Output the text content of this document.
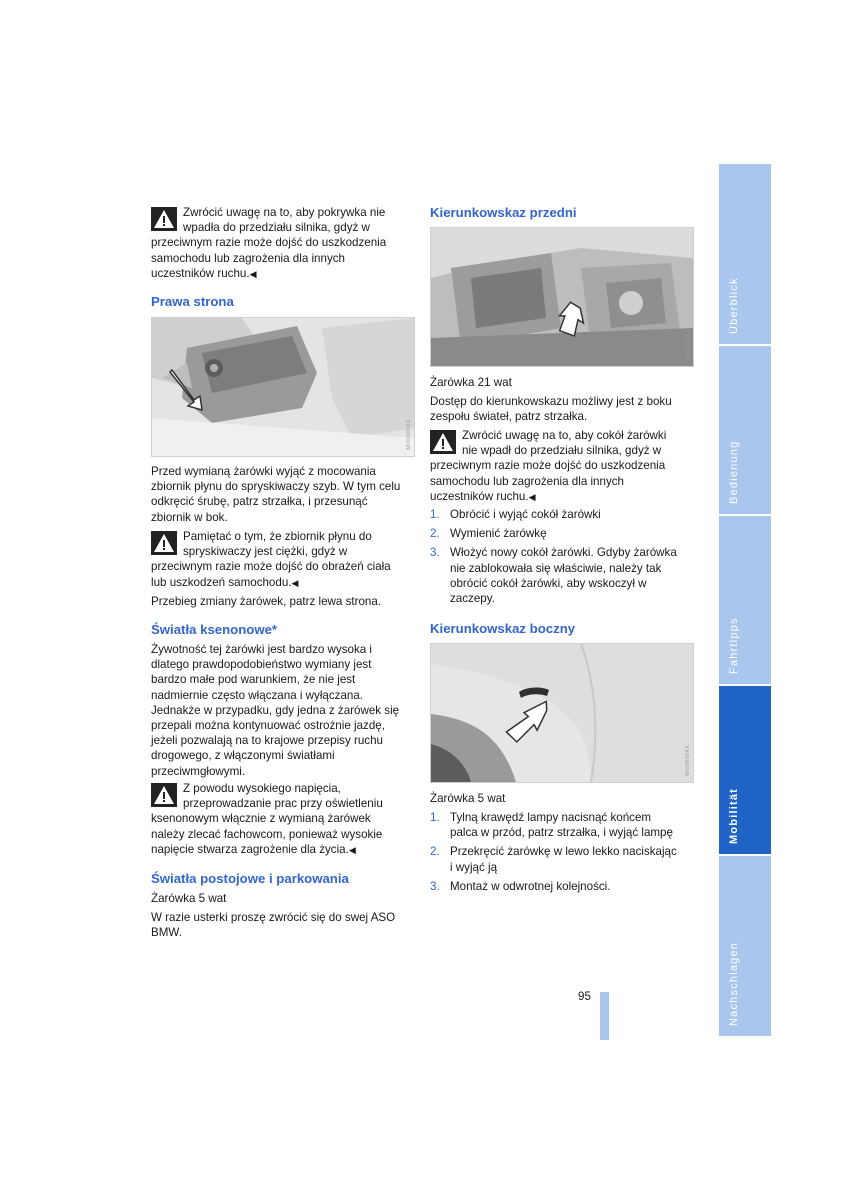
Zwrócić uwagę na to, aby pokrywka nie
wpadła do przedziału silnika, gdyż w
przeciwnym razie może dojść do uszkodzenia
samochodu lub zagrożenia dla innych
uczestników ruchu.◀
Prawa strona
MI00600XX

Przed wymianą żarówki wyjąć z mocowania
zbiornik płynu do spryskiwaczy szyb. W tym celu
odkręcić śrubę, patrz strzałka, i przesunąć
zbiornik w bok.

Pamiętać o tym, że zbiornik płynu do
spryskiwaczy jest ciężki, gdyż w
przeciwnym razie może dojść do obrażeń ciała
lub uszkodzeń samochodu.◀

Przebieg zmiany żarówek, patrz lewa strona.

Światła ksenonowe*

Żywotność tej żarówki jest bardzo wysoka i
dlatego prawdopodobieństwo wymiany jest
bardzo małe pod warunkiem, że nie jest
nadmiernie często włączana i wyłączana.
Jednakże w przypadku, gdy jedna z żarówek się
przepali można kontynuować ostrożnie jazdę,
jeżeli pozwalają na to krajowe przepisy ruchu
drogowego, z włączonymi światłami
przeciwmgłowymi.

Z powodu wysokiego napięcia,
przeprowadzanie prac przy oświetleniu
ksenonowym włącznie z wymianą żarówek
należy zlecać fachowcom, ponieważ wysokie
napięcie stwarza zagrożenie dla życia.◀
Światła postojowe i parkowania

Żarówka 5 wat

W razie usterki proszę zwrócić się do swej ASO
BMW.

Kierunkowskaz przedni
MI00600XX

Żarówka 21 wat

Dostęp do kierunkowskazu możliwy jest z boku
zespołu świateł, patrz strzałka.

Zwrócić uwagę na to, aby cokół żarówki
nie wpadł do przedziału silnika, gdyż w
przeciwnym razie może dojść do uszkodzenia
samochodu lub zagrożenia dla innych
uczestników ruchu.◀
1. Obrócić i wyjąć cokół żarówki
2. Wymienić żarówkę
3. Włożyć nowy cokół żarówki. Gdyby żarówka
nie zablokowała się właściwie, należy tak
obrócić cokół żarówki, aby wskoczył w
zaczepy.
Kierunkowskaz boczny
MI00600XX

Żarówka 5 wat

1. Tylną krawędź lampy nacisnąć końcem
palca w przód, patrz strzałka, i wyjąć lampę
2. Przekręcić żarówkę w lewo lekko naciskając
i wyjąć ją
3. Montaż w odwrotnej kolejności.
95
Überblick
Bedienung
Fahrtipps
Mobilität
Nachschlagen
